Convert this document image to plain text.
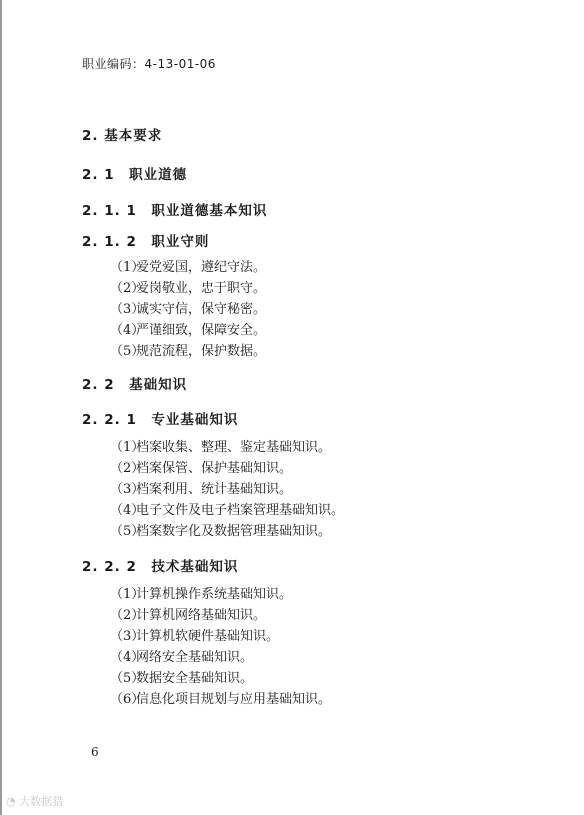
职业编码：4-13-01-06
2. 基本要求
2. 1　职业道德
2. 1. 1　职业道德基本知识
2. 1. 2　职业守则
（1）爱党爱国，遵纪守法。
（2）爱岗敬业，忠于职守。
（3）诚实守信，保守秘密。
（4）严谨细致，保障安全。
（5）规范流程，保护数据。
2. 2　基础知识
2. 2. 1　专业基础知识
（1）档案收集、整理、鉴定基础知识。
（2）档案保管、保护基础知识。
（3）档案利用、统计基础知识。
（4）电子文件及电子档案管理基础知识。
（5）档案数字化及数据管理基础知识。
2. 2. 2　技术基础知识
（1）计算机操作系统基础知识。
（2）计算机网络基础知识。
（3）计算机软硬件基础知识。
（4）网络安全基础知识。
（5）数据安全基础知识。
（6）信息化项目规划与应用基础知识。
6
◔ 大数据猎
